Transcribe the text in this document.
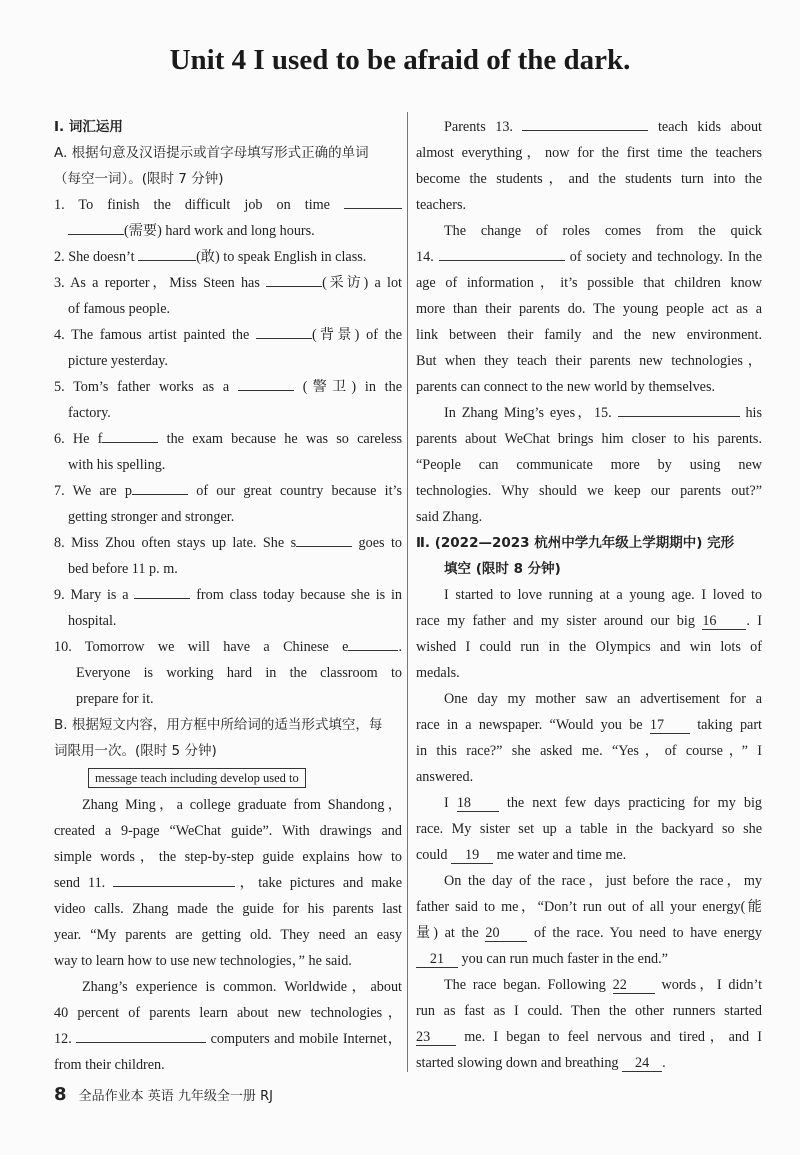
Unit 4 I used to be afraid of the dark.

Ⅰ. 词汇运用

A. 根据句意及汉语提示或首字母填写形式正确的单词

（每空一词）。(限时 7 分钟)

1. To finish the difficult job on time

(需要) hard work and long hours.

2. She doesn’t	(敢) to speak English in class.

3. As a reporter，Miss Steen has	(采访) a lot

of famous people.

4. The famous artist painted the	(背景) of the

picture yesterday.

5. Tom’s father works as a	(警卫) in the

factory.

6. He f	the exam because he was so careless

with his spelling.

7. We are p	of our great country because it’s

getting stronger and stronger.

8. Miss Zhou often stays up late. She s	goes to

bed before 11 p. m.

9. Mary is a	from class today because she is in

hospital.

10. Tomorrow we will have a Chinese e	.

Everyone is working hard in the classroom to

prepare for it.

B. 根据短文内容，用方框中所给词的适当形式填空，每

词限用一次。(限时 5 分钟)

message teach including develop used to

Zhang Ming，a college graduate from Shandong，

created a 9-page “WeChat guide”. With drawings and

simple words，the step-by-step guide explains how to

send 11.	，take pictures and make

video calls. Zhang made the guide for his parents last

year. “My parents are getting old. They need an easy

way to learn how to use new technologies，” he said.

Zhang’s experience is common. Worldwide，about

40 percent of parents learn about new technologies，

12.	computers and mobile Internet，

from their children.

Parents 13.	teach kids about

almost everything，now for the first time the teachers

become the students，and the students turn into the

teachers.

The change of roles comes from the quick

14.	of society and technology. In the

age of information，it’s possible that children know

more than their parents do. The young people act as a

link between their family and the new environment.

But when they teach their parents new technologies，

parents can connect to the new world by themselves.

In Zhang Ming’s eyes，15.	his

parents about WeChat brings him closer to his parents.

“People can communicate more by using new

technologies. Why should we keep our parents out?”

said Zhang.

Ⅱ. (2022—2023 杭州中学九年级上学期期中) 完形

填空 (限时 8 分钟)

I started to love running at a young age. I loved to

race my father and my sister around our big 16 . I

wished I could run in the Olympics and win lots of

medals.

One day my mother saw an advertisement for a

race in a newspaper. “Would you be 17 taking part

in this race?” she asked me. “Yes，of course，” I

answered.

I 18	the next few days practicing for my big

race. My sister set up a table in the backyard so she

could 19 me water and time me.

On the day of the race，just before the race，my

father said to me，“Don’t run out of all your energy(能

量) at the 20 of the race. You need to have energy

21 you can run much faster in the end.”

The race began. Following 22 words，I didn’t

run as fast as I could. Then the other runners started

23 me. I began to feel nervous and tired，and I

started slowing down and breathing 24 .

8 全品作业本 英语 九年级全一册 RJ
